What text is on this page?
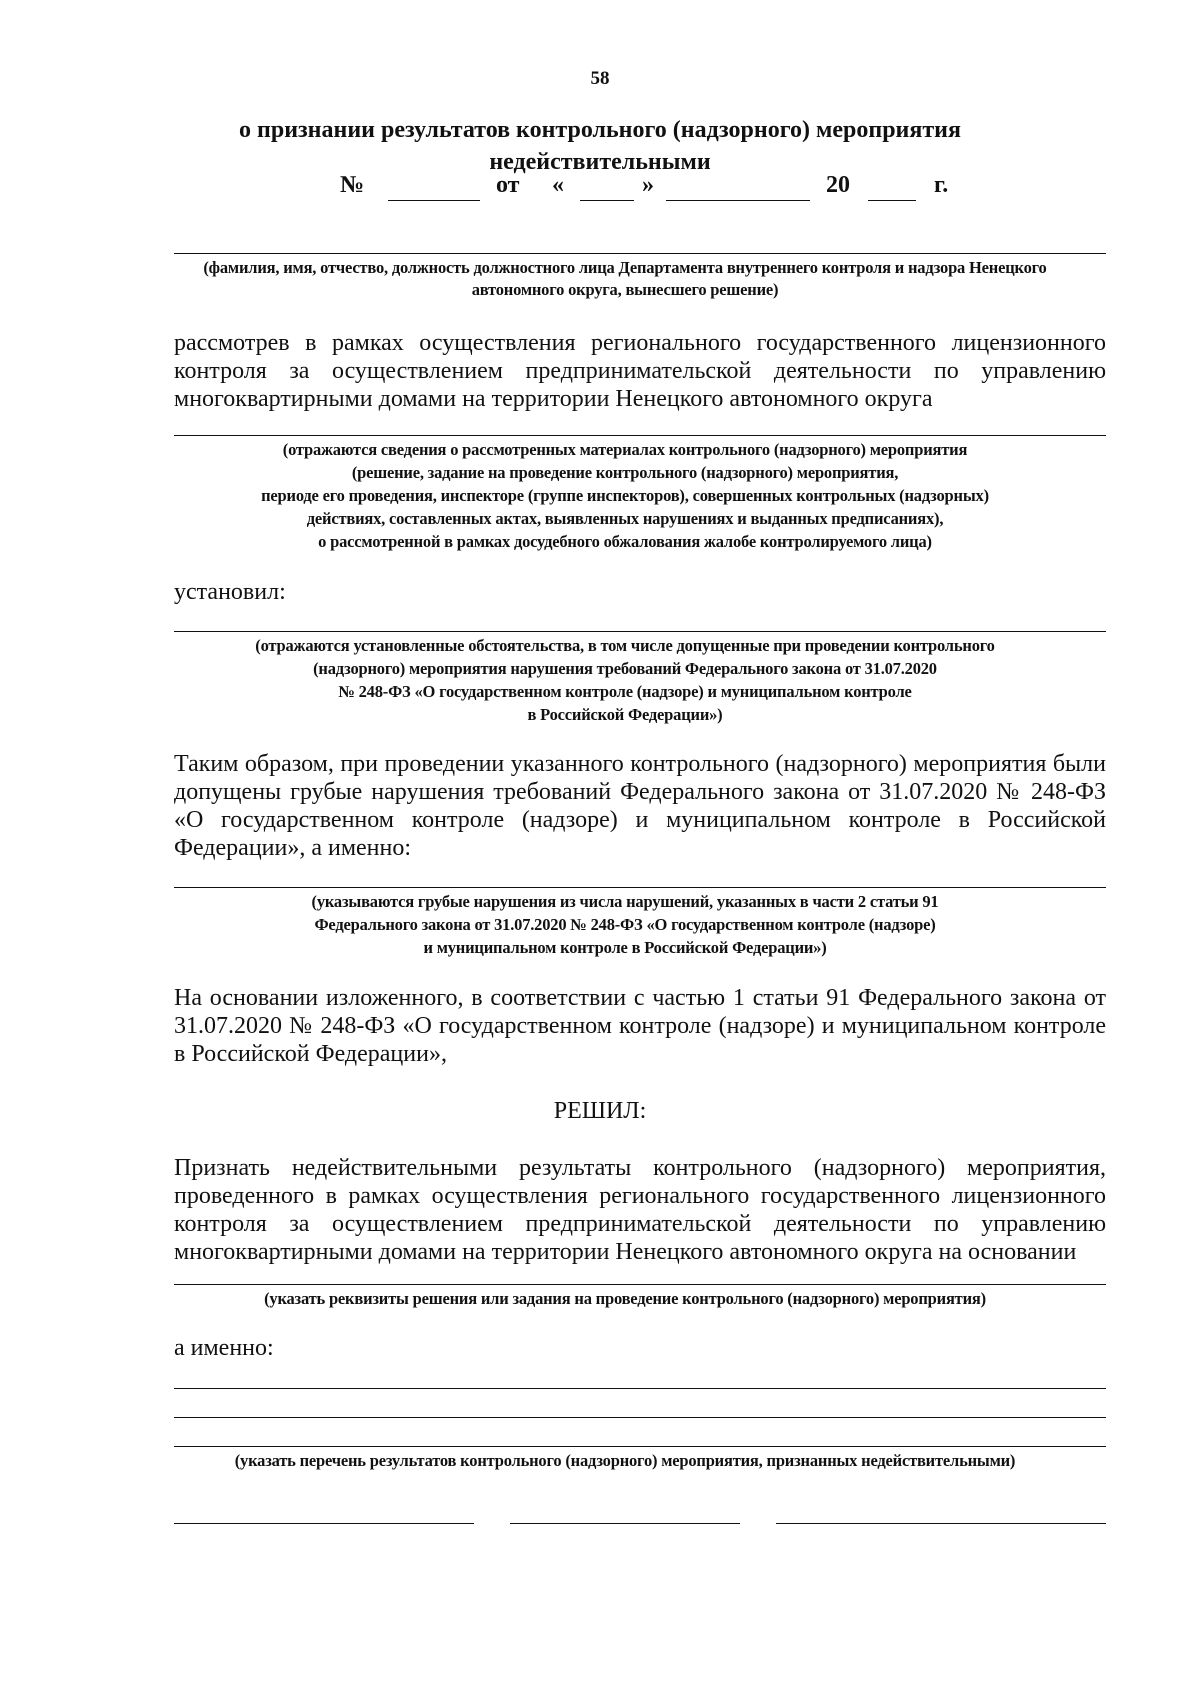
58
о признании результатов контрольного (надзорного) мероприятия
недействительными
№	от «	»	20	г.
(фамилия, имя, отчество, должность должностного лица Департамента внутреннего контроля и надзора Ненецкого автономного округа, вынесшего решение)
рассмотрев в рамках осуществления регионального государственного лицензионного контроля за осуществлением предпринимательской деятельности по управлению многоквартирными домами на территории Ненецкого автономного округа
(отражаются сведения о рассмотренных материалах контрольного (надзорного) мероприятия
(решение, задание на проведение контрольного (надзорного) мероприятия,
периоде его проведения, инспекторе (группе инспекторов), совершенных контрольных (надзорных)
действиях, составленных актах, выявленных нарушениях и выданных предписаниях),
о рассмотренной в рамках досудебного обжалования жалобе контролируемого лица)
установил:
(отражаются установленные обстоятельства, в том числе допущенные при проведении контрольного
(надзорного) мероприятия нарушения требований Федерального закона от 31.07.2020
№ 248-ФЗ «О государственном контроле (надзоре) и муниципальном контроле
в Российской Федерации»)
Таким образом, при проведении указанного контрольного (надзорного) мероприятия были допущены грубые нарушения требований Федерального закона от 31.07.2020 № 248-ФЗ «О государственном контроле (надзоре) и муниципальном контроле в Российской Федерации», а именно:
(указываются грубые нарушения из числа нарушений, указанных в части 2 статьи 91
Федерального закона от 31.07.2020 № 248-ФЗ «О государственном контроле (надзоре)
и муниципальном контроле в Российской Федерации»)
На основании изложенного, в соответствии с частью 1 статьи 91 Федерального закона от 31.07.2020 № 248-ФЗ «О государственном контроле (надзоре) и муниципальном контроле в Российской Федерации»,
РЕШИЛ:
Признать недействительными результаты контрольного (надзорного) мероприятия, проведенного в рамках осуществления регионального государственного лицензионного контроля за осуществлением предпринимательской деятельности по управлению многоквартирными домами на территории Ненецкого автономного округа на основании
(указать реквизиты решения или задания на проведение контрольного (надзорного) мероприятия)
а именно:
(указать перечень результатов контрольного (надзорного) мероприятия, признанных недействительными)
